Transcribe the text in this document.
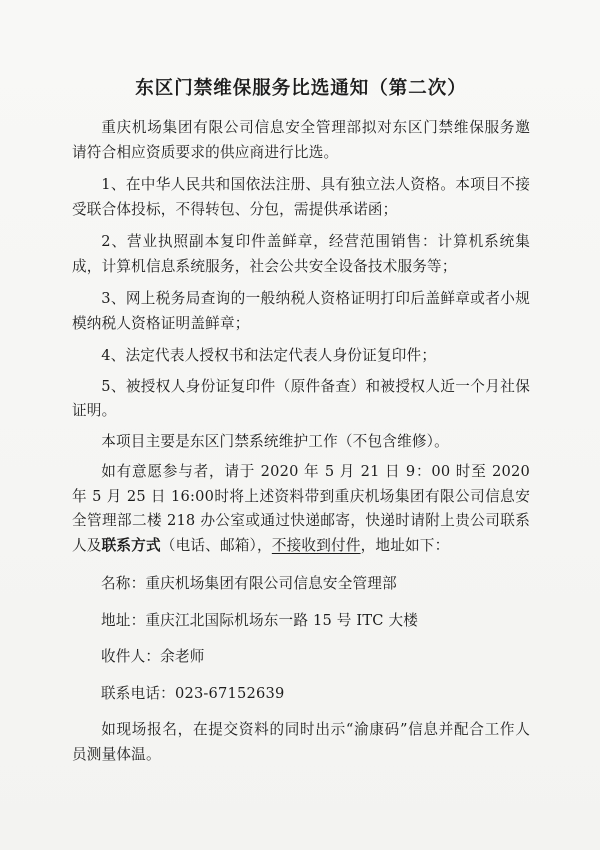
东区门禁维保服务比选通知（第二次）

重庆机场集团有限公司信息安全管理部拟对东区门禁维保服务邀请符合相应资质要求的供应商进行比选。

1、在中华人民共和国依法注册、具有独立法人资格。本项目不接受联合体投标，不得转包、分包，需提供承诺函；

2、营业执照副本复印件盖鲜章，经营范围销售：计算机系统集成，计算机信息系统服务，社会公共安全设备技术服务等；

3、网上税务局查询的一般纳税人资格证明打印后盖鲜章或者小规模纳税人资格证明盖鲜章；

4、法定代表人授权书和法定代表人身份证复印件；

5、被授权人身份证复印件（原件备查）和被授权人近一个月社保证明。

本项目主要是东区门禁系统维护工作（不包含维修）。

如有意愿参与者，请于 2020 年 5 月 21 日 9：00 时至 2020 年 5 月 25 日 16:00时将上述资料带到重庆机场集团有限公司信息安全管理部二楼 218 办公室或通过快递邮寄，快递时请附上贵公司联系人及联系方式（电话、邮箱），不接收到付件，地址如下：

名称：重庆机场集团有限公司信息安全管理部
地址：重庆江北国际机场东一路 15 号 ITC 大楼
收件人：余老师
联系电话：023-67152639

如现场报名，在提交资料的同时出示“渝康码”信息并配合工作人员测量体温。
